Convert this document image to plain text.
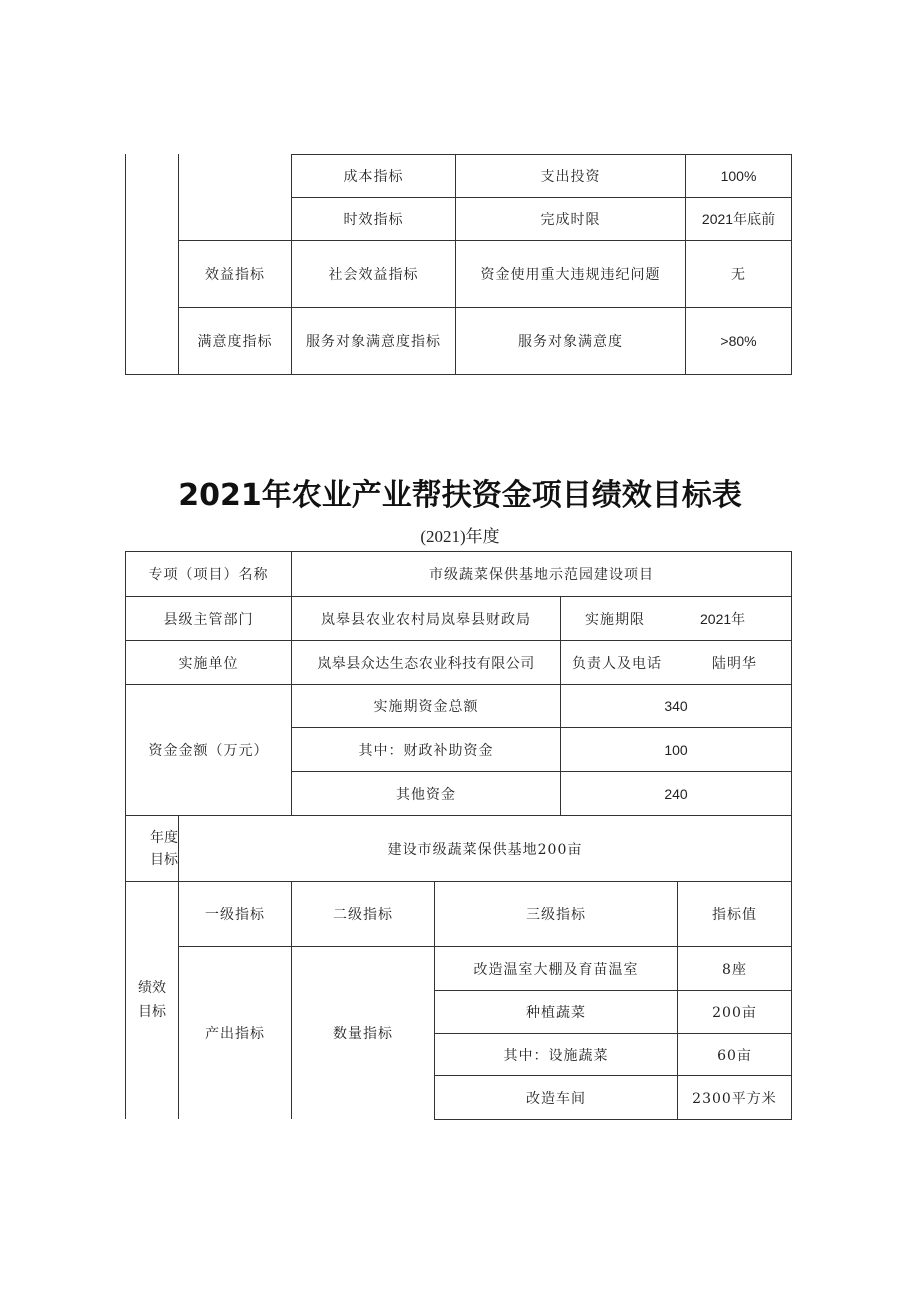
成本指标	支出投资	100%
时效指标	完成时限	2021年底前
效益指标	社会效益指标	资金使用重大违规违纪问题	无
满意度指标	服务对象满意度指标	服务对象满意度	>80%
2021年农业产业帮扶资金项目绩效目标表
(2021)年度
专项（项目）名称	市级蔬菜保供基地示范园建设项目
县级主管部门	岚皋县农业农村局岚皋县财政局	实施期限	2021年
实施单位	岚皋县众达生态农业科技有限公司	负责人及电话	陆明华
资金金额（万元）
实施期资金总额	340
其中：财政补助资金	100
其他资金	240
年度
目标
建设市级蔬菜保供基地200亩
绩效
目标
一级指标	二级指标	三级指标	指标值
产出指标	数量指标
改造温室大棚及育苗温室	8座
种植蔬菜	200亩
其中：设施蔬菜	60亩
改造车间	2300平方米
